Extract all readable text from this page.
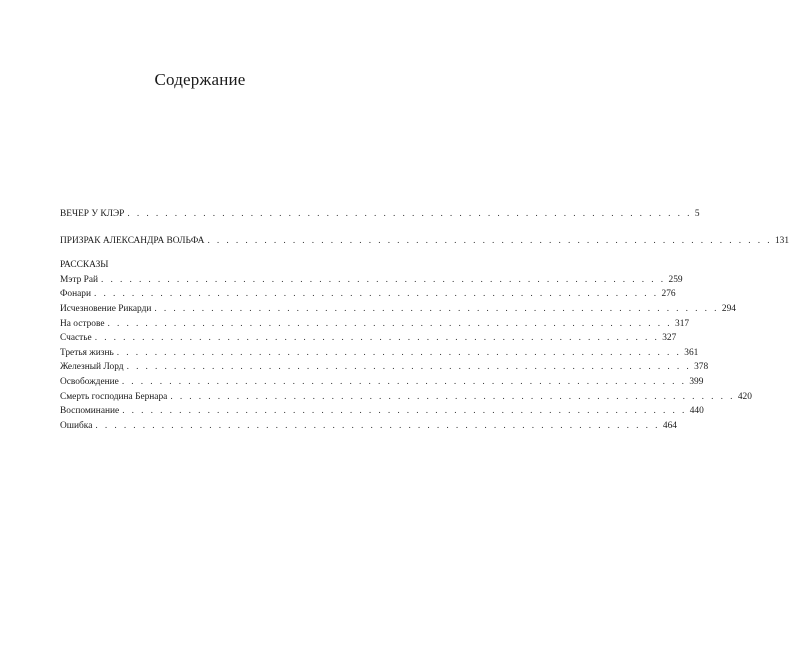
Содержание
ВЕЧЕР У КЛЭР . . . . . . . . . . . . . . . . . . . . . . . . . . . . . . . . . . . . . . . . . . . . . . . . . . . . . . . . . . . . 5
ПРИЗРАК АЛЕКСАНДРА ВОЛЬФА . . . . . . . . . . . . . . . . . . . . . . . . . . . . . . . . . . . . . . . . . . . . . . . . . . . . . . . . . . . . 131
РАССКАЗЫ
Мэтр Рай . . . . . . . . . . . . . . . . . . . . . . . . . . . . . . . . . . . . . . . . . . . . . . . . . . . . . . . . . . . . 259
Фонари . . . . . . . . . . . . . . . . . . . . . . . . . . . . . . . . . . . . . . . . . . . . . . . . . . . . . . . . . . . . 276
Исчезновение Рикарди . . . . . . . . . . . . . . . . . . . . . . . . . . . . . . . . . . . . . . . . . . . . . . . . . . . . . . . . . . . . 294
На острове . . . . . . . . . . . . . . . . . . . . . . . . . . . . . . . . . . . . . . . . . . . . . . . . . . . . . . . . . . . . 317
Счастье . . . . . . . . . . . . . . . . . . . . . . . . . . . . . . . . . . . . . . . . . . . . . . . . . . . . . . . . . . . . 327
Третья жизнь . . . . . . . . . . . . . . . . . . . . . . . . . . . . . . . . . . . . . . . . . . . . . . . . . . . . . . . . . . . . 361
Железный Лорд . . . . . . . . . . . . . . . . . . . . . . . . . . . . . . . . . . . . . . . . . . . . . . . . . . . . . . . . . . . . 378
Освобождение . . . . . . . . . . . . . . . . . . . . . . . . . . . . . . . . . . . . . . . . . . . . . . . . . . . . . . . . . . . . 399
Смерть господина Бернара . . . . . . . . . . . . . . . . . . . . . . . . . . . . . . . . . . . . . . . . . . . . . . . . . . . . . . . . . . . . 420
Воспоминание . . . . . . . . . . . . . . . . . . . . . . . . . . . . . . . . . . . . . . . . . . . . . . . . . . . . . . . . . . . . 440
Ошибка . . . . . . . . . . . . . . . . . . . . . . . . . . . . . . . . . . . . . . . . . . . . . . . . . . . . . . . . . . . . 464
